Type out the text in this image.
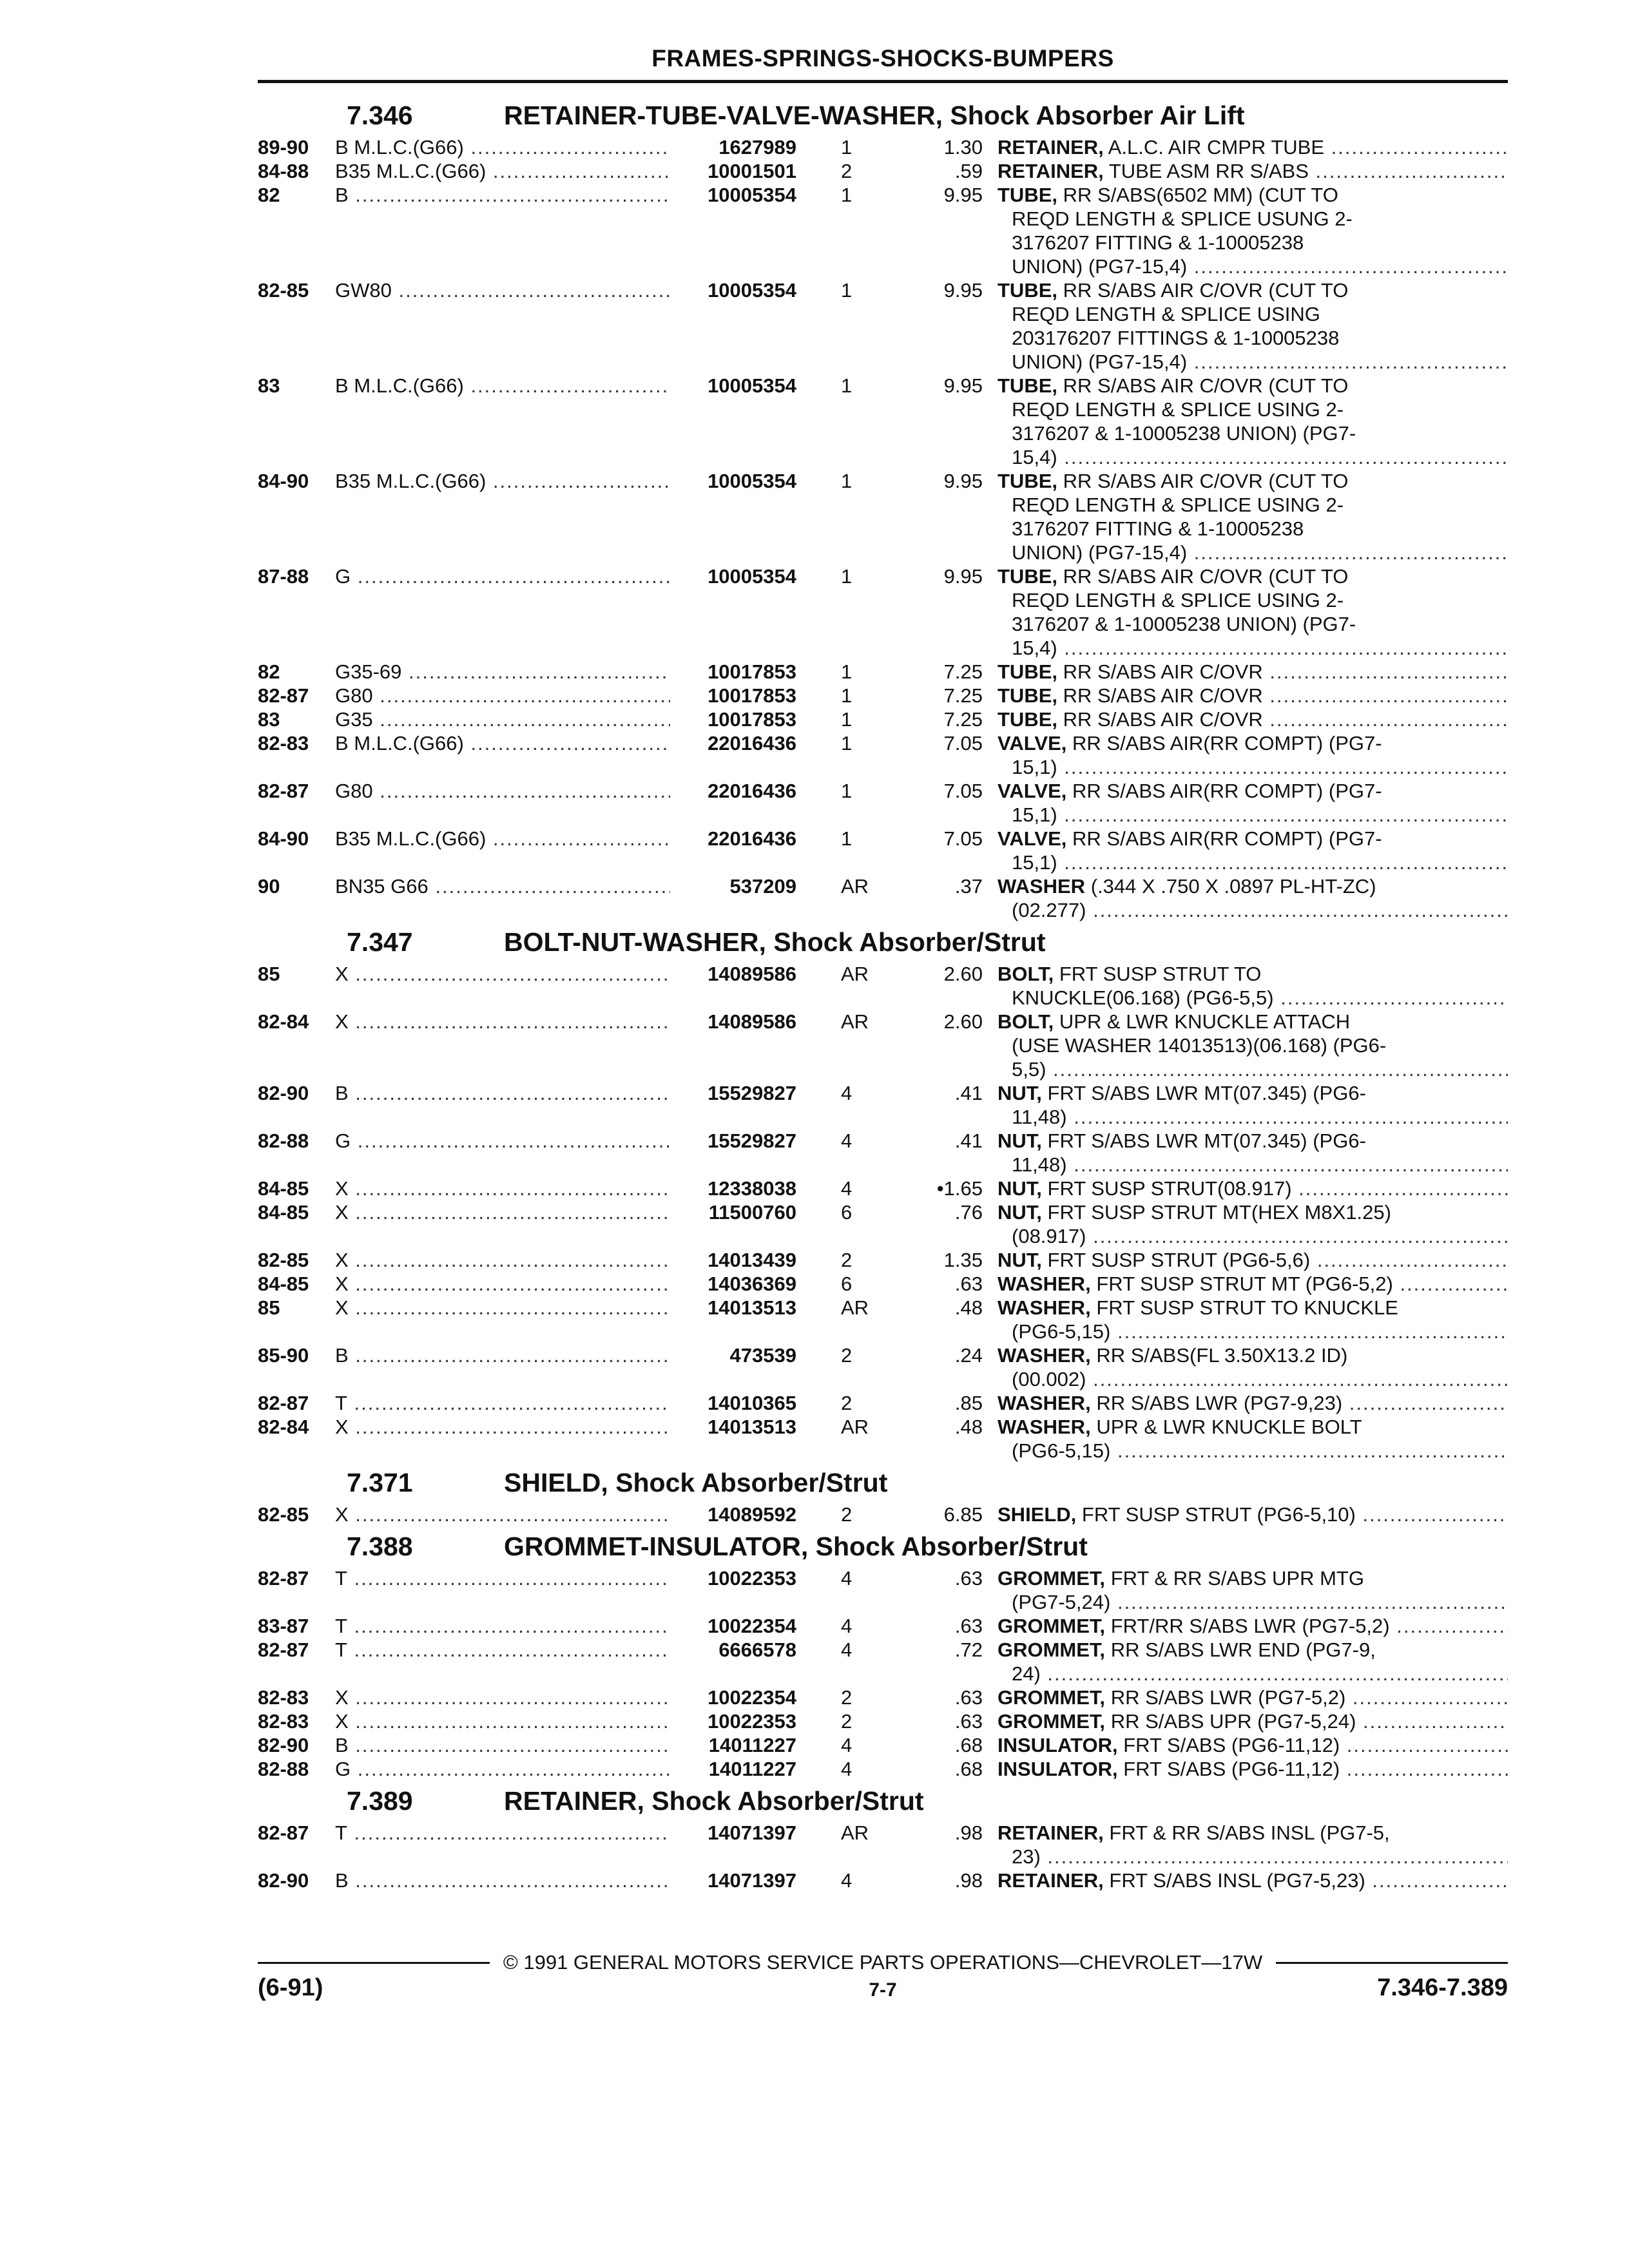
FRAMES-SPRINGS-SHOCKS-BUMPERS
7.346	RETAINER-TUBE-VALVE-WASHER, Shock Absorber Air Lift
89-90 B M.L.C.(G66) .....	1627989 1	1.30 RETAINER, A.L.C. AIR CMPR TUBE .....
84-88 B35 M.L.C.(G66) .....	10001501 2	.59 RETAINER, TUBE ASM RR S/ABS .....
82	B .....	10005354 1	9.95 TUBE, RR S/ABS(6502 MM) (CUT TO
REQD LENGTH & SPLICE USUNG 2-
3176207 FITTING & 1-10005238
UNION) (PG7-15,4) .....
82-85 GW80 .....	10005354 1	9.95 TUBE, RR S/ABS AIR C/OVR (CUT TO
REQD LENGTH & SPLICE USING
203176207 FITTINGS & 1-10005238
UNION) (PG7-15,4) .....
83	B M.L.C.(G66) .....	10005354 1	9.95 TUBE, RR S/ABS AIR C/OVR (CUT TO
REQD LENGTH & SPLICE USING 2-
3176207 & 1-10005238 UNION) (PG7-
15,4) .....
84-90 B35 M.L.C.(G66) .....	10005354 1	9.95 TUBE, RR S/ABS AIR C/OVR (CUT TO
REQD LENGTH & SPLICE USING 2-
3176207 FITTING & 1-10005238
UNION) (PG7-15,4) .....
87-88 G .....	10005354 1	9.95 TUBE, RR S/ABS AIR C/OVR (CUT TO
REQD LENGTH & SPLICE USING 2-
3176207 & 1-10005238 UNION) (PG7-
15,4) .....
82	G35-69 .....	10017853 1	7.25 TUBE, RR S/ABS AIR C/OVR .....
82-87 G80 .....	10017853 1	7.25 TUBE, RR S/ABS AIR C/OVR .....
83	G35 .....	10017853 1	7.25 TUBE, RR S/ABS AIR C/OVR .....
82-83 B M.L.C.(G66) .....	22016436 1	7.05 VALVE, RR S/ABS AIR(RR COMPT) (PG7-
15,1) .....
82-87 G80 .....	22016436 1	7.05 VALVE, RR S/ABS AIR(RR COMPT) (PG7-
15,1) .....
84-90 B35 M.L.C.(G66) .....	22016436 1	7.05 VALVE, RR S/ABS AIR(RR COMPT) (PG7-
15,1) .....
90	BN35 G66 .....	537209 AR	.37 WASHER (.344 X .750 X .0897 PL-HT-ZC)
(02.277) .....
7.347	BOLT-NUT-WASHER, Shock Absorber/Strut
85	X .....	14089586 AR	2.60 BOLT, FRT SUSP STRUT TO
KNUCKLE(06.168) (PG6-5,5) .....
82-84 X .....	14089586 AR	2.60 BOLT, UPR & LWR KNUCKLE ATTACH
(USE WASHER 14013513)(06.168) (PG6-
5,5) .....
82-90 B .....	15529827 4	.41 NUT, FRT S/ABS LWR MT(07.345) (PG6-
11,48) .....
82-88 G .....	15529827 4	.41 NUT, FRT S/ABS LWR MT(07.345) (PG6-
11,48) .....
84-85 X .....	12338038 4	•1.65 NUT, FRT SUSP STRUT(08.917) .....
84-85 X .....	11500760 6	.76 NUT, FRT SUSP STRUT MT(HEX M8X1.25)
(08.917) .....
82-85 X .....	14013439 2	1.35 NUT, FRT SUSP STRUT (PG6-5,6) .....
84-85 X .....	14036369 6	.63 WASHER, FRT SUSP STRUT MT (PG6-5,2) .....
85	X .....	14013513 AR	.48 WASHER, FRT SUSP STRUT TO KNUCKLE
(PG6-5,15) .....
85-90 B .....	473539 2	.24 WASHER, RR S/ABS(FL 3.50X13.2 ID)
(00.002) .....
82-87 T .....	14010365 2	.85 WASHER, RR S/ABS LWR (PG7-9,23) .....
82-84 X .....	14013513 AR	.48 WASHER, UPR & LWR KNUCKLE BOLT
(PG6-5,15) .....
7.371	SHIELD, Shock Absorber/Strut
82-85 X .....	14089592 2	6.85 SHIELD, FRT SUSP STRUT (PG6-5,10) .....
7.388	GROMMET-INSULATOR, Shock Absorber/Strut
82-87 T .....	10022353 4	.63 GROMMET, FRT & RR S/ABS UPR MTG
(PG7-5,24) .....
83-87 T .....	10022354 4	.63 GROMMET, FRT/RR S/ABS LWR (PG7-5,2) .....
82-87 T .....	6666578 4	.72 GROMMET, RR S/ABS LWR END (PG7-9,
24) .....
82-83 X .....	10022354 2	.63 GROMMET, RR S/ABS LWR (PG7-5,2) .....
82-83 X .....	10022353 2	.63 GROMMET, RR S/ABS UPR (PG7-5,24) .....
82-90 B .....	14011227 4	.68 INSULATOR, FRT S/ABS (PG6-11,12) .....
82-88 G .....	14011227 4	.68 INSULATOR, FRT S/ABS (PG6-11,12) .....
7.389	RETAINER, Shock Absorber/Strut
82-87 T .....	14071397 AR	.98 RETAINER, FRT & RR S/ABS INSL (PG7-5,
23) .....
82-90 B .....	14071397 4	.98 RETAINER, FRT S/ABS INSL (PG7-5,23) .....
© 1991 GENERAL MOTORS SERVICE PARTS OPERATIONS—CHEVROLET—17W
(6-91)	7-7	7.346-7.389
